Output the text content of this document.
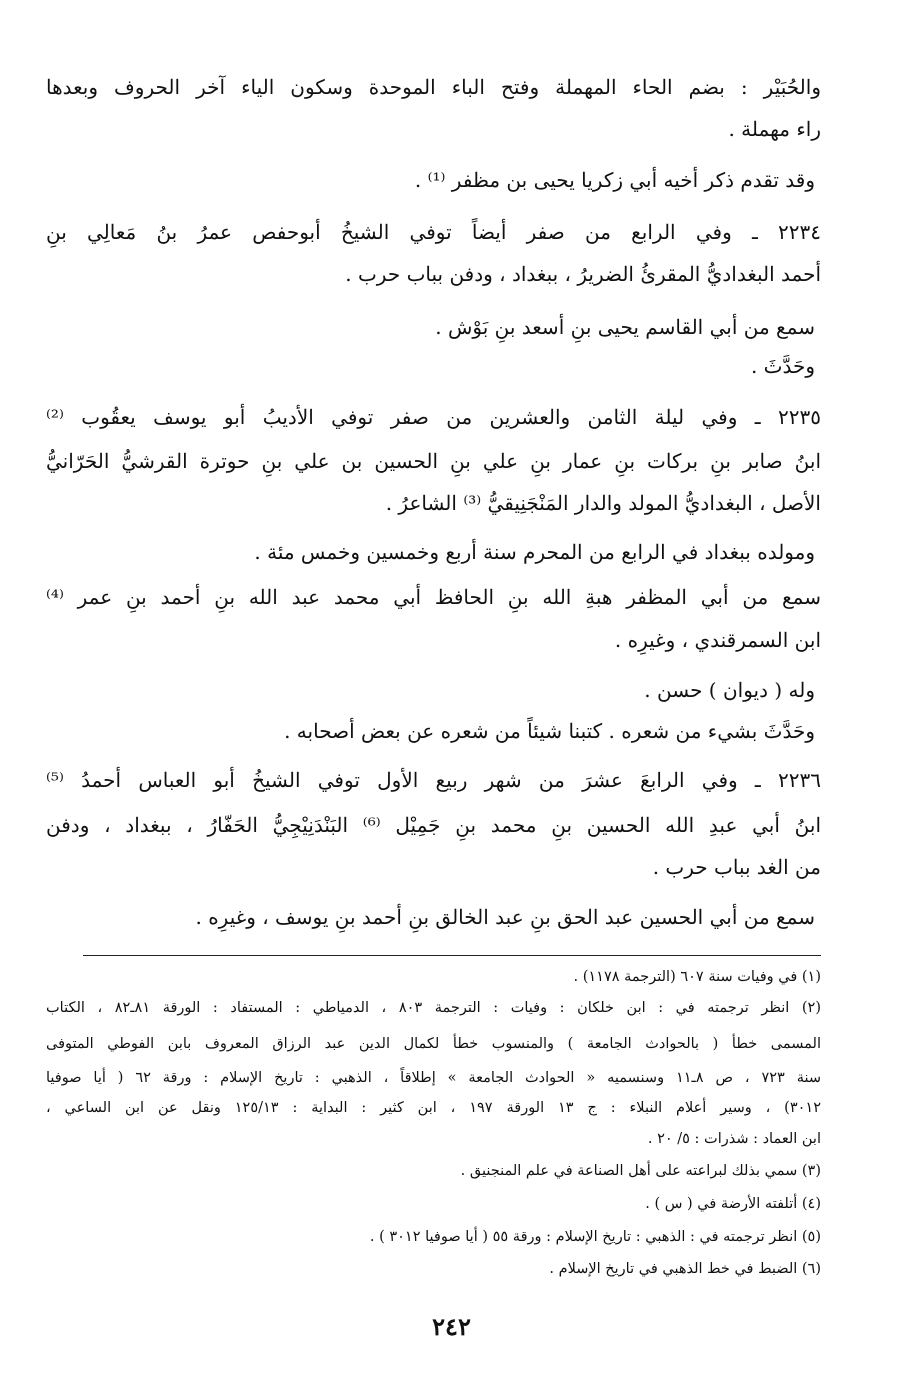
والحُبَيْر : بضم الحاء المهملة وفتح الباء الموحدة وسكون الياء آخر الحروف وبعدها
راء مهملة .
وقد تقدم ذكر أخيه أبي زكريا يحيى بن مظفر ⁽¹⁾ .
٢٢٣٤ ـ وفي الرابع من صفر أيضاً توفي الشيخُ أبوحفص عمرُ بنُ مَعالِي بنِ
أحمد البغداديُّ المقرئُ الضريرُ ، ببغداد ، ودفن بباب حرب .
سمع من أبي القاسم يحيى بنِ أسعد بنِ بَوْش .
وحَدَّثَ .
٢٢٣٥ ـ وفي ليلة الثامن والعشرين من صفر توفي الأديبُ أبو يوسف يعقُوب ⁽²⁾
ابنُ صابر بنِ بركات بنِ عمار بنِ علي بنِ الحسين بن علي بنِ حوترة القرشيُّ الحَرّانيُّ
الأصل ، البغداديُّ المولد والدار المَنْجَنِيقيُّ ⁽³⁾ الشاعرُ .
ومولده ببغداد في الرابع من المحرم سنة أربع وخمسين وخمس مئة .
سمع من أبي المظفر هبةِ الله بنِ الحافظ أبي محمد عبد الله بنِ أحمد بنِ عمر ⁽⁴⁾
ابن السمرقندي ، وغيرِه .
وله ( ديوان ) حسن .
وحَدَّثَ بشيء من شعره . كتبنا شيئاً من شعره عن بعض أصحابه .
٢٢٣٦ ـ وفي الرابعَ عشرَ من شهر ربيع الأول توفي الشيخُ أبو العباس أحمدُ ⁽⁵⁾
ابنُ أبي عبدِ الله الحسين بنِ محمد بنِ جَمِيْل ⁽⁶⁾ البَنْدَنِيْجِيُّ الحَفّارُ ، ببغداد ، ودفن
من الغد بباب حرب .
سمع من أبي الحسين عبد الحق بنِ عبد الخالق بنِ أحمد بنِ يوسف ، وغيرِه .
(١) في وفيات سنة ٦٠٧ (الترجمة ١١٧٨) .
(٢) انظر ترجمته في : ابن خلكان : وفيات : الترجمة ٨٠٣ ، الدمياطي : المستفاد : الورقة ٨١ـ٨٢ ، الكتاب
المسمى خطأ ( بالحوادث الجامعة ) والمنسوب خطأ لكمال الدين عبد الرزاق المعروف بابن الفوطي المتوفى
سنة ٧٢٣ ، ص ٨ـ١١ وسنسميه « الحوادث الجامعة » إطلاقاً ، الذهبي : تاريخ الإسلام : ورقة ٦٢ ( أيا صوفيا
٣٠١٢) ، وسير أعلام النبلاء : ج ١٣ الورقة ١٩٧ ، ابن كثير : البداية : ١٢٥/١٣ ونقل عن ابن الساعي ،
ابن العماد : شذرات : ٥/ ٢٠ .
(٣) سمي بذلك لبراعته على أهل الصناعة في علم المنجنيق .
(٤) أتلفته الأرضة في ( س ) .
(٥) انظر ترجمته في : الذهبي : تاريخ الإسلام : ورقة ٥٥ ( أيا صوفيا ٣٠١٢ ) .
(٦) الضبط في خط الذهبي في تاريخ الإسلام .
٢٤٢
